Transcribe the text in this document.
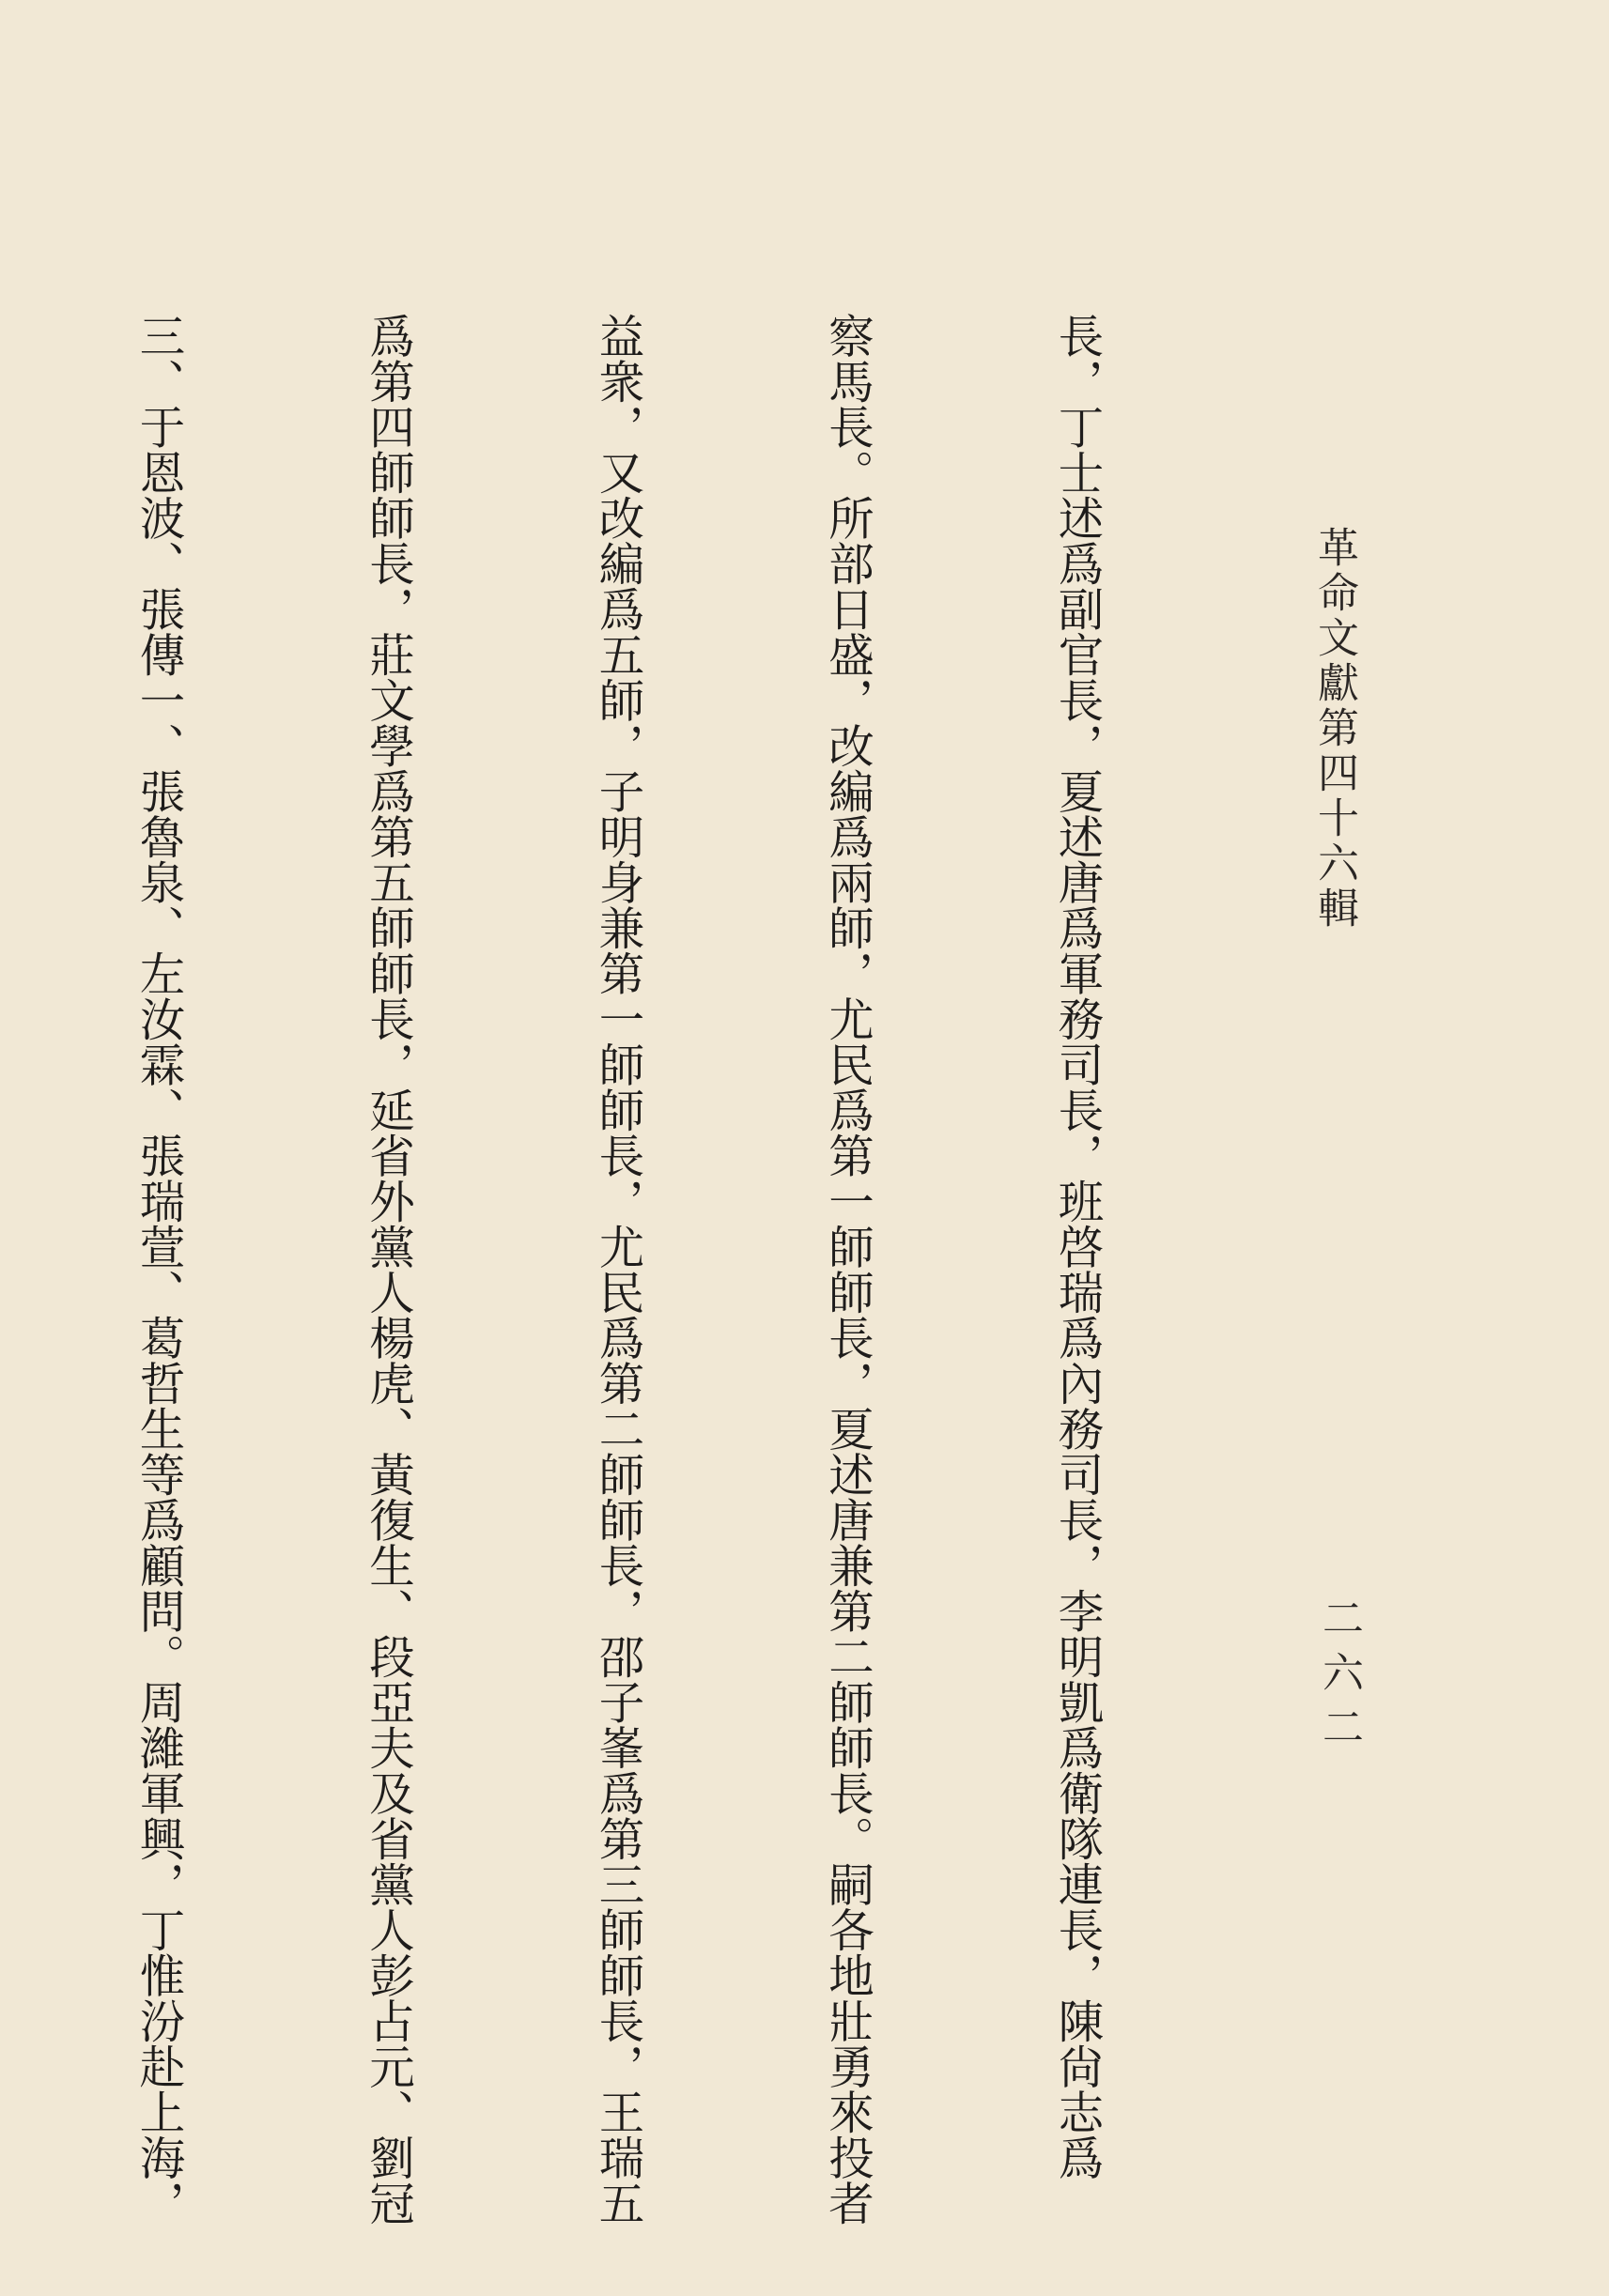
革命文獻第四十六輯
二六二

長，丁士述爲副官長，夏述唐爲軍務司長，班啓瑞爲內務司長，李明凱爲衛隊連長，陳尙志爲

察馬長。所部日盛，改編爲兩師，尤民爲第一師師長，夏述唐兼第二師師長。嗣各地壯勇來投者

益衆，又改編爲五師，子明身兼第一師師長，尤民爲第二師師長，邵子峯爲第三師師長，王瑞五

爲第四師師長，莊文學爲第五師師長，延省外黨人楊虎、黃復生、段亞夫及省黨人彭占元、劉冠

三、于恩波、張傳一、張魯泉、左汝霖、張瑞萱、葛哲生等爲顧問。周濰軍興，丁惟汾赴上海，
